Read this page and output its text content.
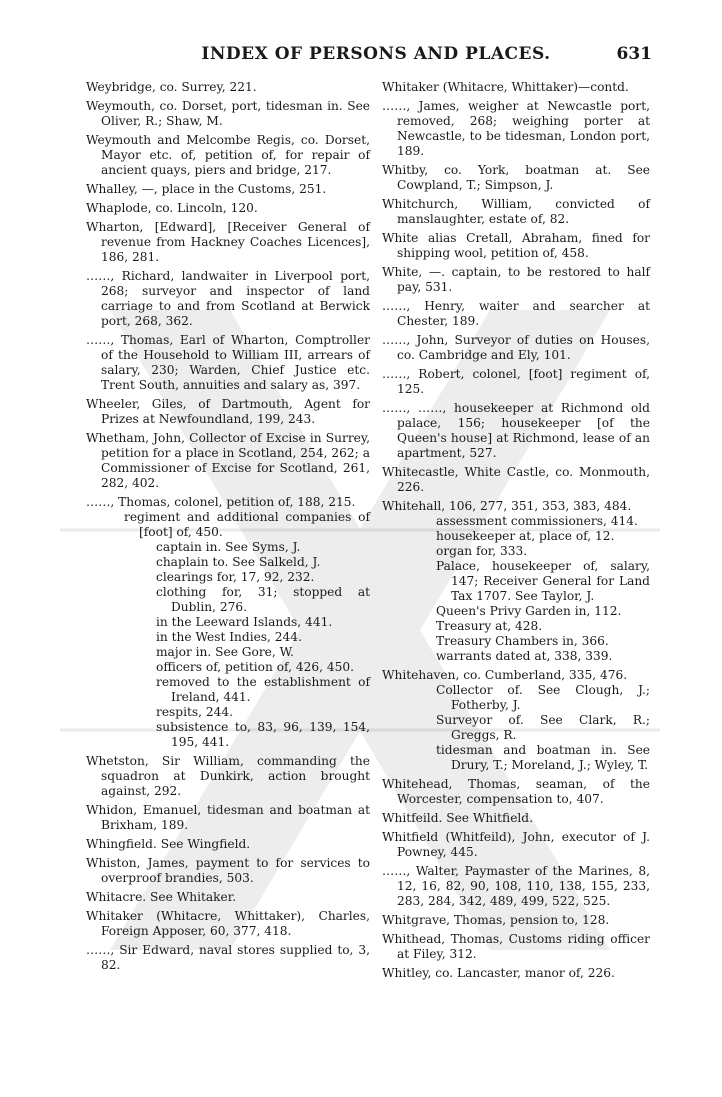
INDEX OF PERSONS AND PLACES.	631
Weybridge, co. Surrey, 221.
Weymouth, co. Dorset, port, tidesman in. See Oliver, R.; Shaw, M.
Weymouth and Melcombe Regis, co. Dorset, Mayor etc. of, petition of, for repair of ancient quays, piers and bridge, 217.
Whalley, —, place in the Customs, 251.
Whaplode, co. Lincoln, 120.
Wharton, [Edward], [Receiver General of revenue from Hackney Coaches Licences], 186, 281.
……, Richard, landwaiter in Liverpool port, 268; surveyor and inspector of land carriage to and from Scotland at Berwick port, 268, 362.
……, Thomas, Earl of Wharton, Comptroller of the Household to William III, arrears of salary, 230; Warden, Chief Justice etc. Trent South, annuities and salary as, 397.
Wheeler, Giles, of Dartmouth, Agent for Prizes at Newfoundland, 199, 243.
Whetham, John, Collector of Excise in Surrey, petition for a place in Scotland, 254, 262; a Commissioner of Excise for Scotland, 261, 282, 402.
……, Thomas, colonel, petition of, 188, 215.
regiment and additional companies of [foot] of, 450.
captain in. See Syms, J.
chaplain to. See Salkeld, J.
clearings for, 17, 92, 232.
clothing for, 31; stopped at Dublin, 276.
in the Leeward Islands, 441.
in the West Indies, 244.
major in. See Gore, W.
officers of, petition of, 426, 450.
removed to the establishment of Ireland, 441.
respits, 244.
subsistence to, 83, 96, 139, 154, 195, 441.
Whetston, Sir William, commanding the squadron at Dunkirk, action brought against, 292.
Whidon, Emanuel, tidesman and boatman at Brixham, 189.
Whingfield. See Wingfield.
Whiston, James, payment to for services to overproof brandies, 503.
Whitacre. See Whitaker.
Whitaker (Whitacre, Whittaker), Charles, Foreign Apposer, 60, 377, 418.
……, Sir Edward, naval stores supplied to, 3, 82.
Whitaker (Whitacre, Whittaker)—contd.
……, James, weigher at Newcastle port, removed, 268; weighing porter at Newcastle, to be tidesman, London port, 189.
Whitby, co. York, boatman at. See Cowpland, T.; Simpson, J.
Whitchurch, William, convicted of manslaughter, estate of, 82.
White alias Cretall, Abraham, fined for shipping wool, petition of, 458.
White, —. captain, to be restored to half pay, 531.
……, Henry, waiter and searcher at Chester, 189.
……, John, Surveyor of duties on Houses, co. Cambridge and Ely, 101.
……, Robert, colonel, [foot] regiment of, 125.
……, ……, housekeeper at Richmond old palace, 156; housekeeper [of the Queen's house] at Richmond, lease of an apartment, 527.
Whitecastle, White Castle, co. Monmouth, 226.
Whitehall, 106, 277, 351, 353, 383, 484.
assessment commissioners, 414.
housekeeper at, place of, 12.
organ for, 333.
Palace, housekeeper of, salary, 147; Receiver General for Land Tax 1707. See Taylor, J.
Queen's Privy Garden in, 112.
Treasury at, 428.
Treasury Chambers in, 366.
warrants dated at, 338, 339.
Whitehaven, co. Cumberland, 335, 476.
Collector of. See Clough, J.; Fotherby, J.
Surveyor of. See Clark, R.; Greggs, R.
tidesman and boatman in. See Drury, T.; Moreland, J.; Wyley, T.
Whitehead, Thomas, seaman, of the Worcester, compensation to, 407.
Whitfeild. See Whitfield.
Whitfield (Whitfeild), John, executor of J. Powney, 445.
……, Walter, Paymaster of the Marines, 8, 12, 16, 82, 90, 108, 110, 138, 155, 233, 283, 284, 342, 489, 499, 522, 525.
Whitgrave, Thomas, pension to, 128.
Whithead, Thomas, Customs riding officer at Filey, 312.
Whitley, co. Lancaster, manor of, 226.
